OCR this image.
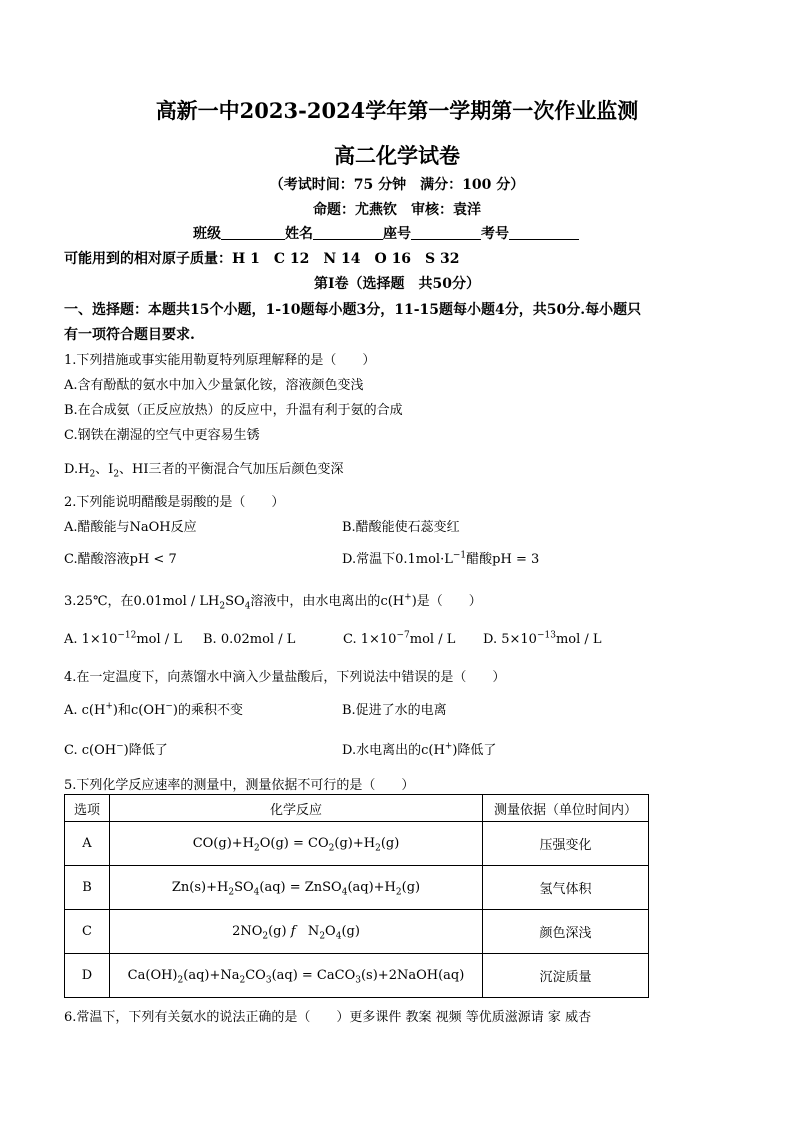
高新一中2023-2024学年第一学期第一次作业监测
高二化学试卷
（考试时间：75 分钟　满分：100 分）
命题：尤燕钦　审核：袁洋
班级	姓名	座号	考号
可能用到的相对原子质量：H 1　C 12　N 14　O 16　S 32
第Ⅰ卷（选择题　共50分）
一、选择题：本题共15个小题，1-10题每小题3分，11-15题每小题4分，共50分.每小题只
有一项符合题目要求.
1.下列措施或事实能用勒夏特列原理解释的是（　　）
A.含有酚酞的氨水中加入少量氯化铵，溶液颜色变浅
B.在合成氨（正反应放热）的反应中，升温有利于氨的合成
C.钢铁在潮湿的空气中更容易生锈
$D.H_2$、$I_2$、HI三者的平衡混合气加压后颜色变深
2.下列能说明醋酸是弱酸的是（　　）
A.醋酸能与NaOH反应	B.醋酸能使石蕊变红
C.醋酸溶液pH < 7	D.常温下$0.1mol\cdot L^{-1}$醋酸pH = 3
3.25℃，在$0.01mol / LH_2SO_4$溶液中，由水电离出的c(H+)是（　　）
A. $1\times 10^{-12}mol / L$ B. 0.02mol / L	C. $1\times 10^{-7}mol / L$ D. $5\times 10^{-13}mol / L$
4.在一定温度下，向蒸馏水中滴入少量盐酸后，下列说法中错误的是（　　）
A. c(H+)和c(OH−)的乘积不变	B.促进了水的电离
C. c(OH−)降低了	D.水电离出的c(H+)降低了
5.下列化学反应速率的测量中，测量依据不可行的是（　　）
选项	化学反应	测量依据（单位时间内）
A	$CO(g)+H_2O(g) = CO_2(g)+H_2(g)$	压强变化
B	$Zn(s)+H_2SO_4(aq)$ = $ZnSO_4(aq)+H_2(g)$	氢气体积
C	$2NO_2(g)$ f   $N_2O_4(g)$	颜色深浅
D	$Ca(OH)_2(aq)+Na_2CO_3(aq)$ = CaCO$_3$(s)+2NaOH(aq)	沉淀质量
6.常温下，下列有关氨水的说法正确的是（　　）更多课件 教案 视频 等优质滋源请 家 威杏
